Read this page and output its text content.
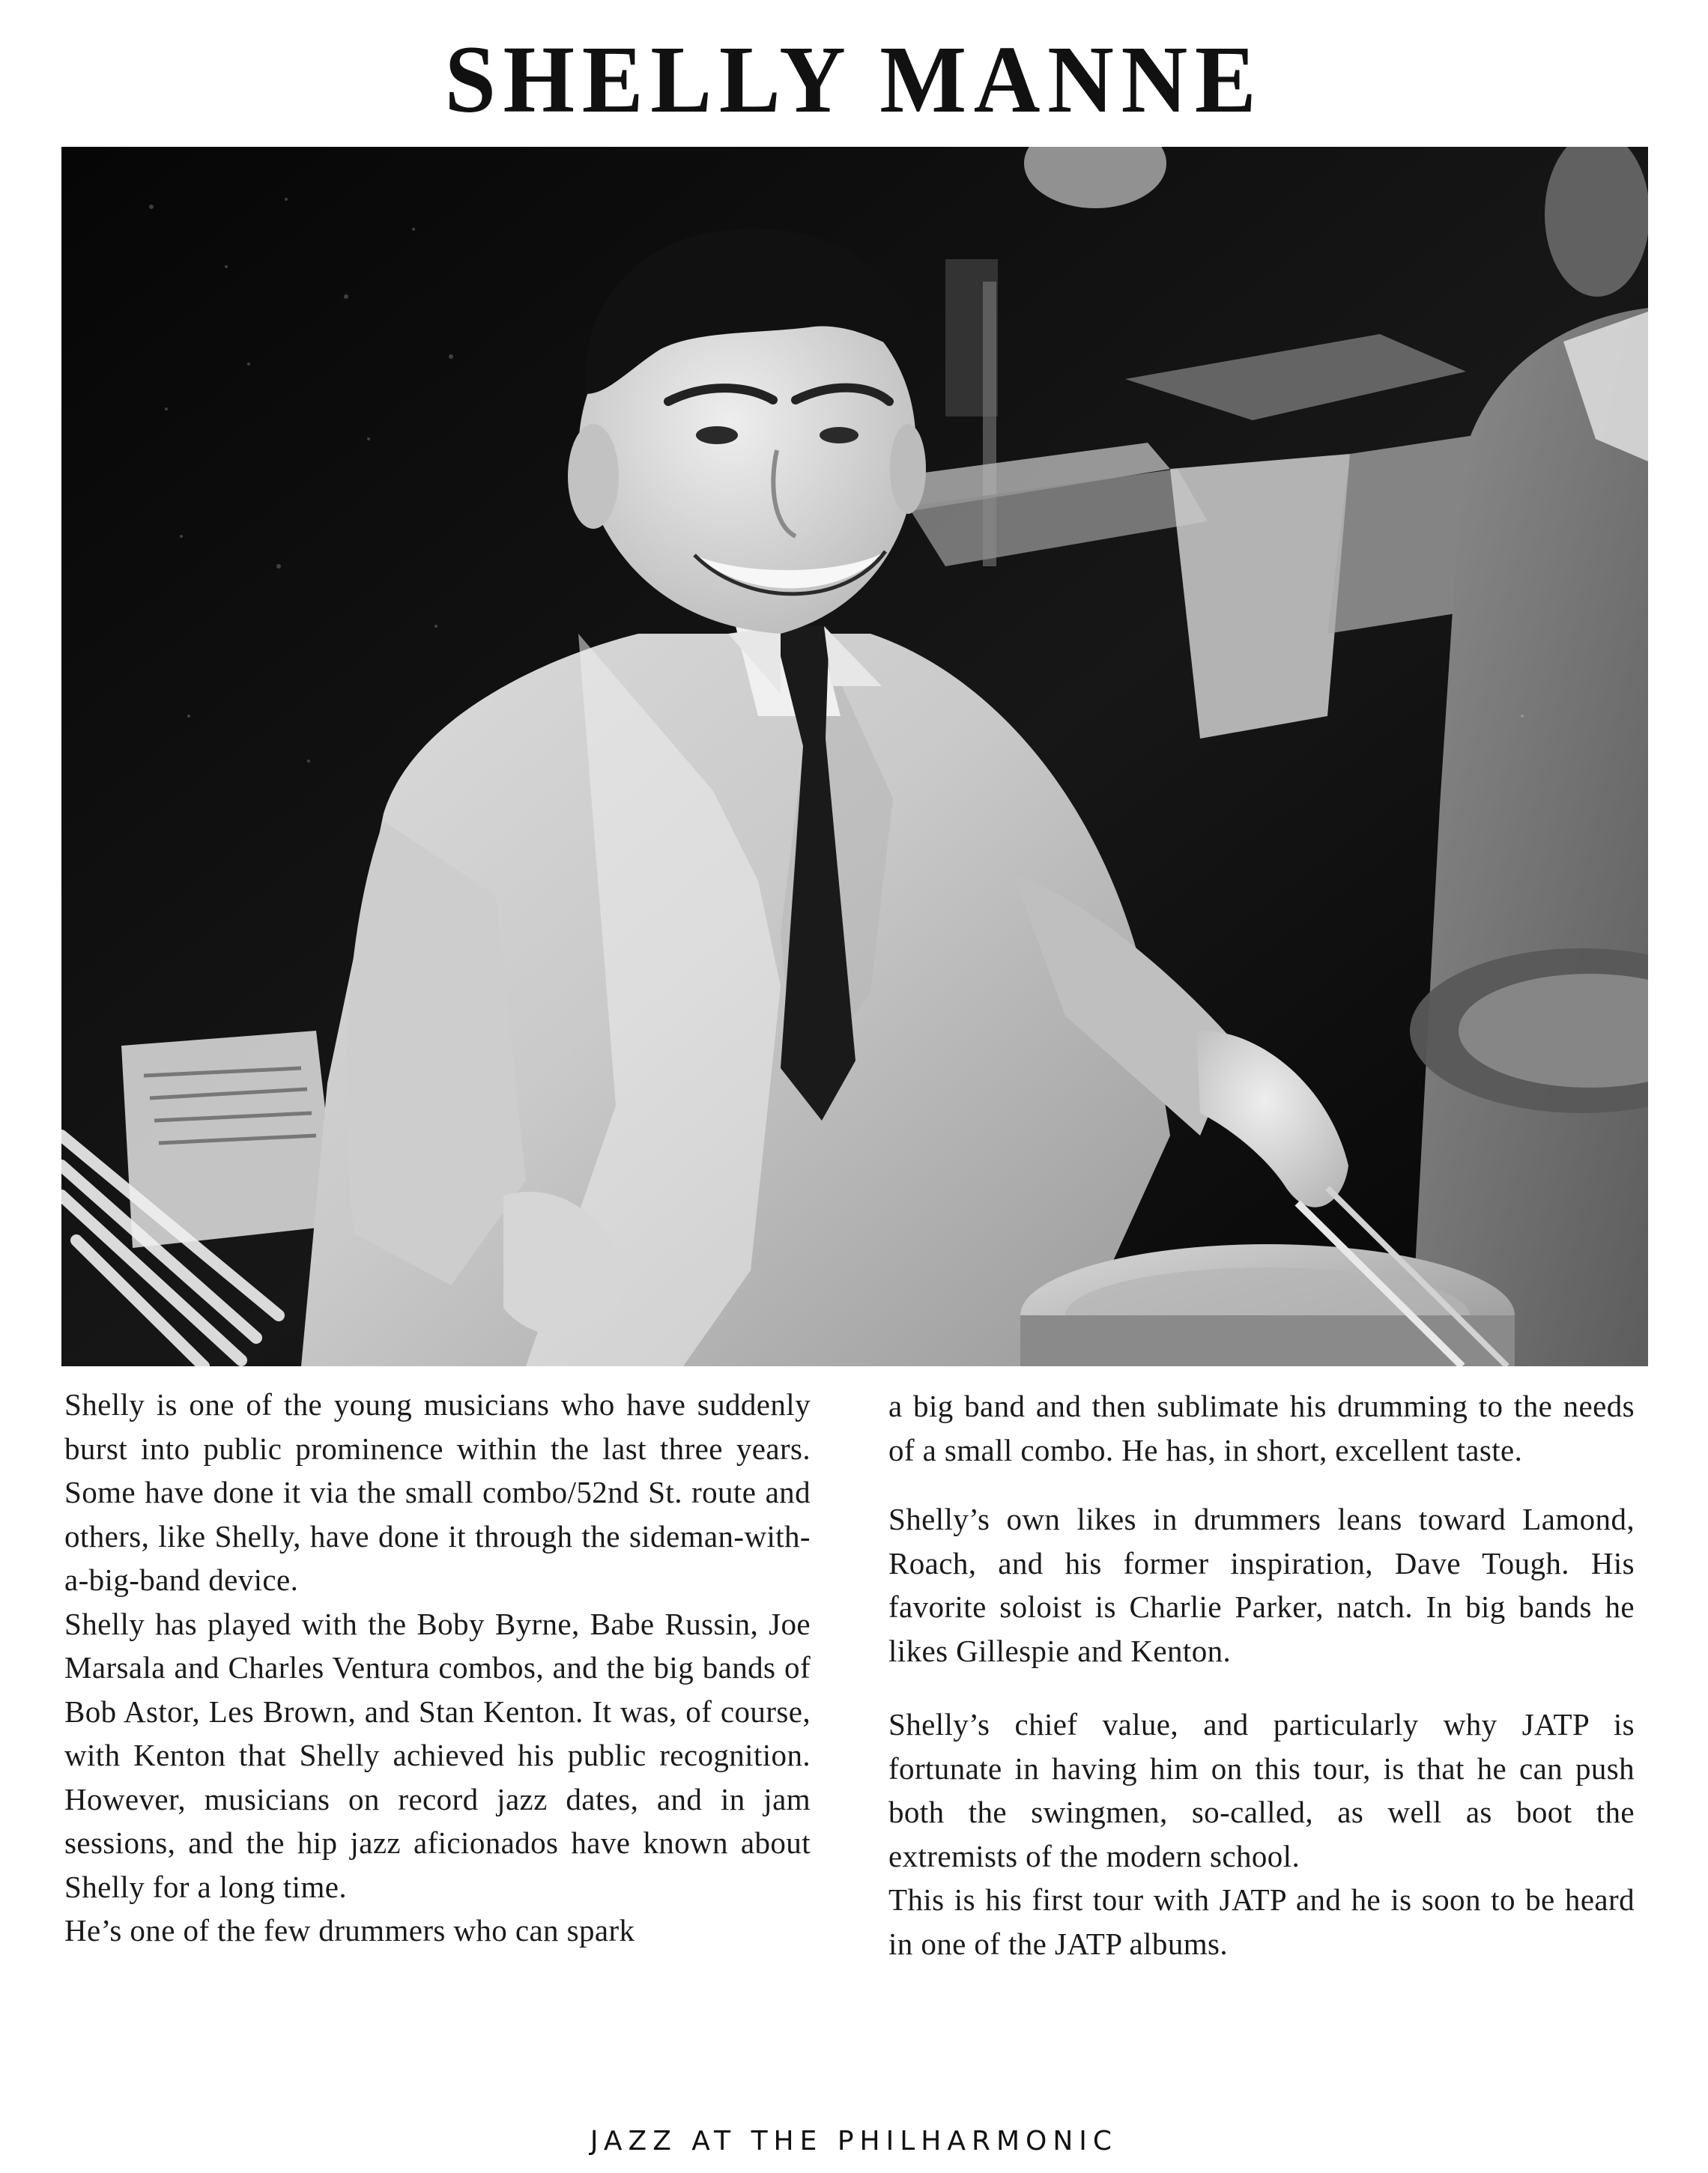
SHELLY MANNE

Shelly is one of the young musicians who have suddenly burst into public prominence within the last three years. Some have done it via the small combo/52nd St. route and others, like Shelly, have done it through the sideman-with-a-big-band device.

Shelly has played with the Boby Byrne, Babe Russin, Joe Marsala and Charles Ventura combos, and the big bands of Bob Astor, Les Brown, and Stan Kenton. It was, of course, with Kenton that Shelly achieved his public recognition. However, musicians on record jazz dates, and in jam sessions, and the hip jazz aficionados have known about Shelly for a long time.

He’s one of the few drummers who can spark

a big band and then sublimate his drumming to the needs of a small combo. He has, in short, excellent taste.

Shelly’s own likes in drummers leans toward Lamond, Roach, and his former inspiration, Dave Tough. His favorite soloist is Charlie Parker, natch. In big bands he likes Gillespie and Kenton.

Shelly’s chief value, and particularly why JATP is fortunate in having him on this tour, is that he can push both the swingmen, so-called, as well as boot the extremists of the modern school.

This is his first tour with JATP and he is soon to be heard in one of the JATP albums.

JAZZ AT THE PHILHARMONIC
